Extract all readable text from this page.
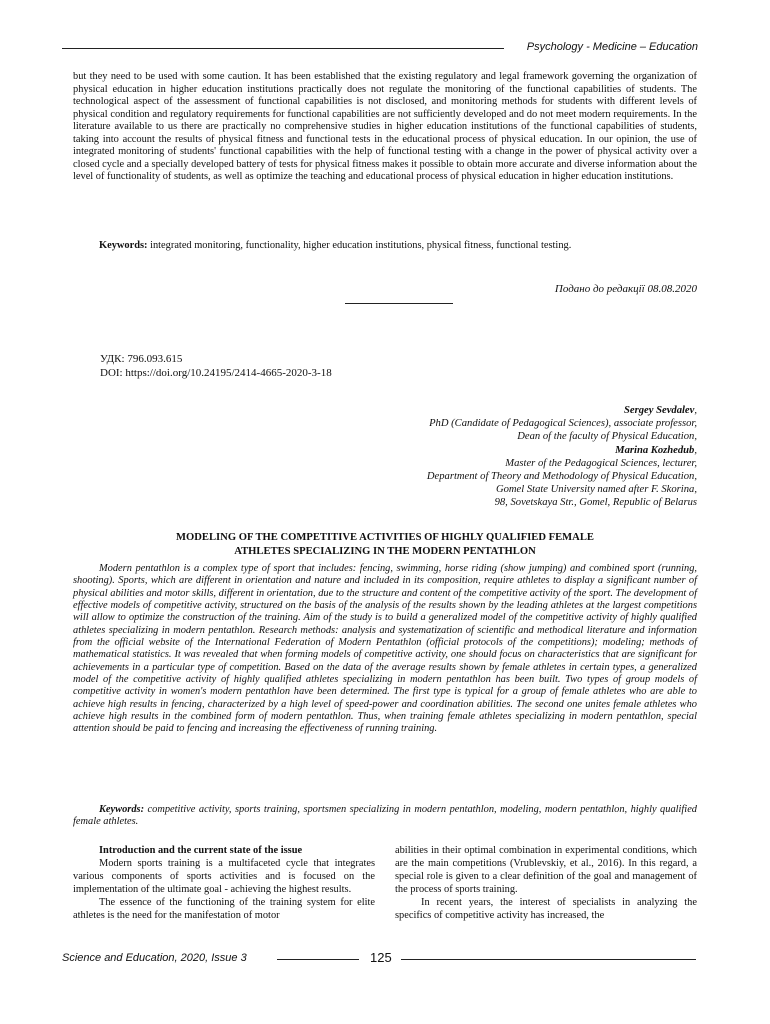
Psychology - Medicine – Education
but they need to be used with some caution. It has been established that the existing regulatory and legal framework governing the organization of physical education in higher education institutions practically does not regulate the monitoring of the functional capabilities of students. The technological aspect of the assessment of functional capabilities is not disclosed, and monitoring methods for students with different levels of physical condition and regulatory requirements for functional capabilities are not sufficiently developed and do not meet modern requirements. In the literature available to us there are practically no comprehensive studies in higher education institutions of the functional capabilities of students, taking into account the results of physical fitness and functional tests in the educational process of physical education. In our opinion, the use of integrated monitoring of students' functional capabilities with the help of functional testing with a change in the power of physical activity over a closed cycle and a specially developed battery of tests for physical fitness makes it possible to obtain more accurate and diverse information about the level of functionality of students, as well as optimize the teaching and educational process of physical education in higher education institutions.
Keywords: integrated monitoring, functionality, higher education institutions, physical fitness, functional testing.
Подано до редакції 08.08.2020
УДК: 796.093.615
DOI: https://doi.org/10.24195/2414-4665-2020-3-18
Sergey Sevdalev,
PhD (Candidate of Pedagogical Sciences), associate professor,
Dean of the faculty of Physical Education,
Marina Kozhedub,
Master of the Pedagogical Sciences, lecturer,
Department of Theory and Methodology of Physical Education,
Gomel State University named after F. Skorina,
98, Sovetskaya Str., Gomel, Republic of Belarus
MODELING OF THE COMPETITIVE ACTIVITIES OF HIGHLY QUALIFIED FEMALE
ATHLETES SPECIALIZING IN THE MODERN PENTATHLON
Modern pentathlon is a complex type of sport that includes: fencing, swimming, horse riding (show jumping) and combined sport (running, shooting). Sports, which are different in orientation and nature and included in its composition, require athletes to display a significant number of physical abilities and motor skills, different in orientation, due to the structure and content of the competitive activity of the sport. The development of effective models of competitive activity, structured on the basis of the analysis of the results shown by the leading athletes at the largest competitions will allow to optimize the construction of the training. Aim of the study is to build a generalized model of the competitive activity of highly qualified athletes specializing in modern pentathlon. Research methods: analysis and systematization of scientific and methodical literature and information from the official website of the International Federation of Modern Pentathlon (official protocols of the competitions); modeling; methods of mathematical statistics. It was revealed that when forming models of competitive activity, one should focus on characteristics that are significant for achievements in a particular type of competition. Based on the data of the average results shown by female athletes in certain types, a generalized model of the competitive activity of highly qualified athletes specializing in modern pentathlon has been built. Two types of group models of competitive activity in women's modern pentathlon have been determined. The first type is typical for a group of female athletes who are able to achieve high results in fencing, characterized by a high level of speed-power and coordination abilities. The second one unites female athletes who achieve high results in the combined form of modern pentathlon. Thus, when training female athletes specializing in modern pentathlon, special attention should be paid to fencing and increasing the effectiveness of running training.
Keywords: competitive activity, sports training, sportsmen specializing in modern pentathlon, modeling, modern pentathlon, highly qualified female athletes.

Introduction and the current state of the issue

Modern sports training is a multifaceted cycle that integrates various components of sports activities and is focused on the implementation of the ultimate goal - achieving the highest results.

The essence of the functioning of the training system for elite athletes is the need for the manifestation of motor

abilities in their optimal combination in experimental conditions, which are the main competitions (Vrublevskiy, et al., 2016). In this regard, a special role is given to a clear definition of the goal and management of the process of sports training.

In recent years, the interest of specialists in analyzing the specifics of competitive activity has increased, the

Science and Education, 2020, Issue 3	125
